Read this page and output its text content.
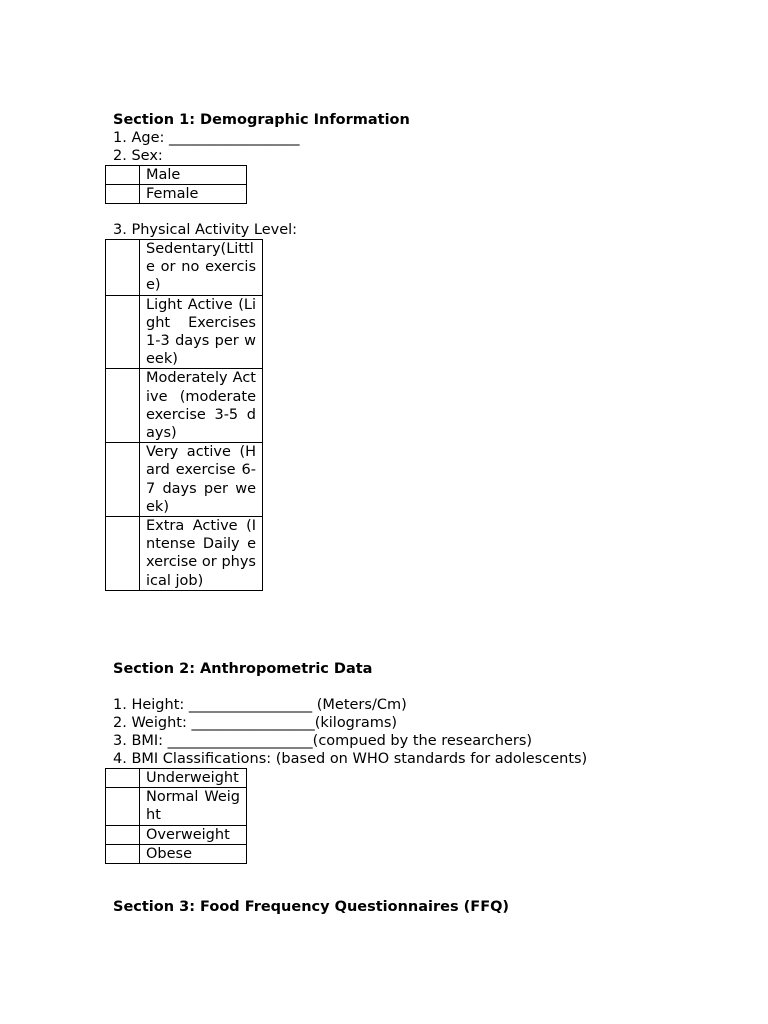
Section 1: Demographic Information
1. Age: __________________
2. Sex:
	Male
	Female
3. Physical Activity Level:
	Sedentary(Little or no exercise)
	Light Active (Light Exercises 1-3 days per week)
	Moderately Active (moderate exercise 3-5 days)
	Very active (Hard exercise 6-7 days per week)
	Extra Active (Intense Daily exercise or physical job)
Section 2: Anthropometric Data
1. Height: _________________ (Meters/Cm)
2. Weight: _________________(kilograms)
3. BMI: ____________________(compued by the researchers)
4. BMI Classifications: (based on WHO standards for adolescents)
	Underweight
	Normal Weight
	Overweight
	Obese
Section 3: Food Frequency Questionnaires (FFQ)
